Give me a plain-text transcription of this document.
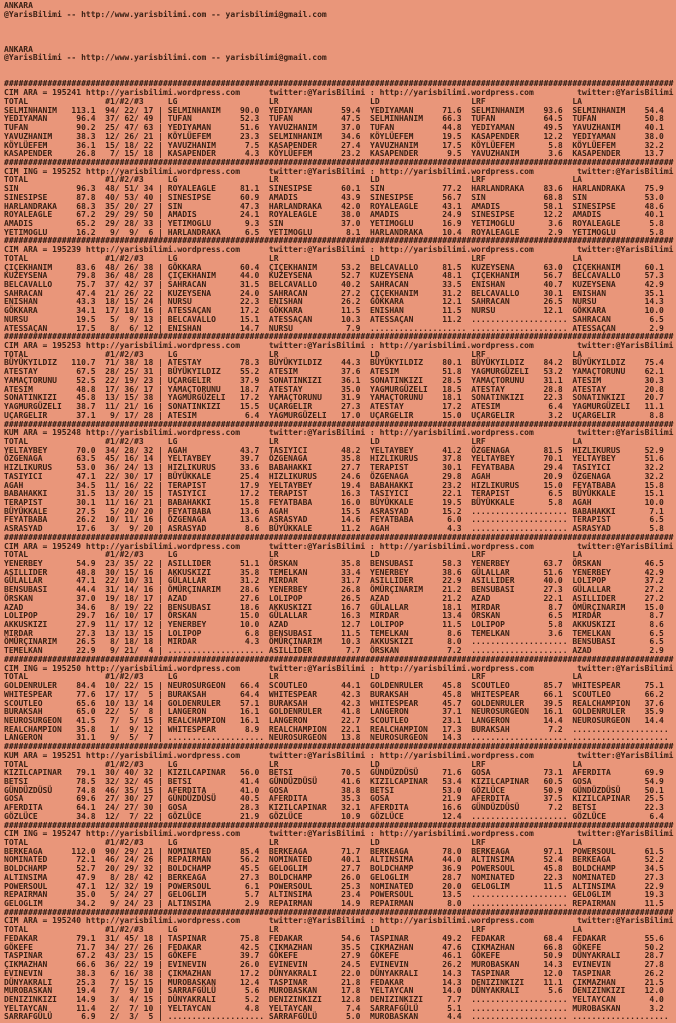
ANKARA
@YarisBilimi -- http://www.yarisbilimi.com -- yarisbilimi@gmail.com
ANKARA
@YarisBilimi -- http://www.yarisbilimi.com -- yarisbilimi@gmail.com
###########################################################################################################################################
CIM ARA = 195241 http://yarisbilimi.wordpress.com      twitter:@YarisBilimi : http://yarisbilimi.wordpress.com         twitter:@YarisBilimi
TOTAL                #1/#2/#3     LG                   LR                   LD                   LRF                  LA
SELMINHANIM   113.1  94/ 22/ 17 | SELMINHANIM    90.0  YEDIYAMAN      59.4  YEDIYAMAN      71.6  SELMINHANIM    93.6  SELMINHANIM    54.4
YEDIYAMAN      96.4  37/ 62/ 49 | TUFAN          52.3  TUFAN          47.5  SELMINHANIM    66.3  TUFAN          64.5  TUFAN          50.8
TUFAN          90.2  25/ 47/ 63 | YEDIYAMAN      51.6  YAVUZHANIM     37.0  TUFAN          44.8  YEDIYAMAN      49.5  YAVUZHANIM     40.1
YAVUZHANIM     38.3  12/ 26/ 21 | KÖYLÜEFEM      23.3  SELMINHANIM    34.6  KÖYLÜEFEM      19.5  KASAPENDER     12.2  YEDIYAMAN      38.0
KÖYLÜEFEM      36.1  15/ 18/ 22 | YAVUZHANIM      7.5  KASAPENDER     27.4  YAVUZHANIM     17.5  KÖYLÜEFEM       5.8  KÖYLÜEFEM      32.2
KASAPENDER     26.8   7/ 15/ 18 | KASAPENDER      4.3  KÖYLÜEFEM      23.2  KASAPENDER      9.5  YAVUZHANIM      3.6  KASAPENDER     13.7
###########################################################################################################################################
CIM ING = 195252 http://yarisbilimi.wordpress.com      twitter:@YarisBilimi : http://yarisbilimi.wordpress.com         twitter:@YarisBilimi
TOTAL                #1/#2/#3     LG                   LR                   LD                   LRF                  LA
SIN            96.3  48/ 51/ 34 | ROYALEAGLE     81.1  SINESIPSE      60.1  SIN            77.2  HARLANDRAKA    83.6  HARLANDRAKA    75.9
SINESIPSE      87.8  40/ 53/ 40 | SINESIPSE      60.9  AMADIS         43.9  SINESIPSE      56.7  SIN            68.8  SIN            53.0
HARLANDRAKA    68.3  35/ 20/ 27 | SIN            47.3  HARLANDRAKA    42.0  ROYALEAGLE     43.1  AMADIS         58.1  SINESIPSE      48.6
ROYALEAGLE     67.2  29/ 29/ 50 | AMADIS         24.1  ROYALEAGLE     38.0  AMADIS         24.9  SINESIPSE      12.2  AMADIS         40.1
AMADIS         65.2  29/ 28/ 33 | YETIMOGLU       9.3  SIN            37.0  YETIMOGLU      16.9  YETIMOGLU       3.6  ROYALEAGLE      5.8
YETIMOGLU      16.2   9/  9/  6 | HARLANDRAKA     6.5  YETIMOGLU       8.1  HARLANDRAKA    10.4  ROYALEAGLE      2.9  YETIMOGLU       5.8
###########################################################################################################################################
CIM ARA = 195239 http://yarisbilimi.wordpress.com      twitter:@YarisBilimi : http://yarisbilimi.wordpress.com         twitter:@YarisBilimi
TOTAL                #1/#2/#3     LG                   LR                   LD                   LRF                  LA
ÇIÇEKHANIM     83.6  48/ 26/ 38 | GÖKKARA        60.4  ÇIÇEKHANIM     53.2  BELCAVALLO     81.5  KUZEYSENA      63.0  ÇIÇEKHANIM     60.1
KUZEYSENA      79.8  36/ 48/ 28 | ÇIÇEKHANIM     44.0  KUZEYSENA      52.7  KUZEYSENA      48.1  ÇIÇEKHANIM     56.7  BELCAVALLO     57.3
BELCAVALLO     75.7  37/ 42/ 37 | SAHRACAN       31.5  BELCAVALLO     40.2  SAHRACAN       33.5  ENISHAN        40.7  KUZEYSENA      42.9
SAHRACAN       47.4  21/ 26/ 22 | KUZEYSENA      24.0  SAHRACAN       27.2  ÇIÇEKHANIM     31.2  BELCAVALLO     30.1  ENISHAN        35.1
ENISHAN        43.3  18/ 15/ 24 | NURSU          22.3  ENISHAN        26.2  GÖKKARA        12.1  SAHRACAN       26.5  NURSU          14.3
GÖKKARA        34.1  17/ 18/ 16 | ATESSAÇAN      17.2  GÖKKARA        11.5  ENISHAN        11.5  NURSU          12.1  GÖKKARA        10.0
NURSU          19.5   5/  9/ 13 | BELCAVALLO     15.1  ATESSAÇAN      10.3  ATESSAÇAN      11.2  .................... SAHRACAN        6.5
ATESSAÇAN      17.5   8/  6/ 12 | ENISHAN        14.7  NURSU           7.9  .................... .................... ATESSAÇAN       2.9
###########################################################################################################################################
CIM ARA = 195253 http://yarisbilimi.wordpress.com      twitter:@YarisBilimi : http://yarisbilimi.wordpress.com         twitter:@YarisBilimi
TOTAL                #1/#2/#3     LG                   LR                   LD                   LRF                  LA
BÜYÜKYILDIZ   110.7  71/ 38/ 18 | ATESTAY        78.3  BÜYÜKYILDIZ    44.3  BÜYÜKYILDIZ    80.1  BÜYÜKYILDIZ    84.2  BÜYÜKYILDIZ    75.4
ATESTAY        67.5  28/ 25/ 31 | BÜYÜKYILDIZ    55.2  ATESIM         37.6  ATESIM         51.8  YAGMURGÜZELI   53.2  YAMAÇTORUNU    62.1
YAMAÇTORUNU    52.5  22/ 19/ 23 | UÇARGELIR      37.9  SONATINKIZI    36.1  SONATINKIZI    28.5  YAMAÇTORUNU    31.1  ATESIM         30.3
ATESIM         48.8  17/ 36/ 17 | YAMAÇTORUNU    18.7  ATESTAY        35.0  YAGMURGÜZELI   18.5  ATESTAY        28.8  ATESTAY        20.8
SONATINKIZI    45.8  13/ 15/ 38 | YAGMURGÜZELI   17.2  YAMAÇTORUNU    31.9  YAMAÇTORUNU    18.1  SONATINKIZI    22.3  SONATINKIZI    20.7
YAGMURGÜZELI   38.7  11/ 21/ 16 | SONATINKIZI    15.5  UÇARGELIR      27.3  ATESTAY        17.2  ATESIM          6.4  YAGMURGÜZELI   11.1
UÇARGELIR      37.1   9/ 17/ 28 | ATESIM          6.4  YAGMURGÜZELI   17.0  UÇARGELIR      15.0  UÇARGELIR       3.2  UÇARGELIR       8.8
###########################################################################################################################################
KUM ARA = 195248 http://yarisbilimi.wordpress.com      twitter:@YarisBilimi : http://yarisbilimi.wordpress.com         twitter:@YarisBilimi
TOTAL                #1/#2/#3     LG                   LR                   LD                   LRF                  LA
YELTAYBEY      70.0  34/ 28/ 32 | AGAH           43.7  TASIYICI       48.2  YELTAYBEY      41.2  ÖZGENAGA       81.5  HIZLIKURUS     52.9
ÖZGENAGA       63.5  45/ 16/ 14 | YELTAYBEY      39.7  ÖZGENAGA       35.8  HIZLIKURUS     37.8  YELTAYBEY      70.1  YELTAYBEY      51.6
HIZLIKURUS     53.0  36/ 24/ 13 | HIZLIKURUS     33.6  BABAHAKKI      27.7  TERAPIST       30.1  FEYATBABA      29.4  TASIYICI       32.2
TASIYICI       47.1  22/ 30/ 17 | BÜYÜKKALE      25.4  HIZLIKURUS     24.6  ÖZGENAGA       29.8  AGAH           20.9  ÖZGENAGA       32.2
AGAH           34.5  11/ 16/ 22 | TERAPIST       17.9  YELTAYBEY      19.4  BABAHAKKI      23.2  HIZLIKURUS     15.0  FEYATBABA      15.8
BABAHAKKI      31.5  13/ 20/ 15 | TASIYICI       17.2  TERAPIST       16.3  TASIYICI       22.1  TERAPIST        6.5  BÜYÜKKALE      15.1
TERAPIST       30.1  11/ 16/ 21 | BABAHAKKI      15.8  FEYATBABA      16.0  BÜYÜKKALE      19.5  BÜYÜKKALE       5.8  AGAH           10.0
BÜYÜKKALE      27.5   5/ 20/ 20 | FEYATBABA      13.6  AGAH           15.5  ASRASYAD       15.2  .................... BABAHAKKI       7.1
FEYATBABA      26.2  10/ 11/ 16 | ÖZGENAGA       13.6  ASRASYAD       14.6  FEYATBABA       6.0  .................... TERAPIST        6.5
ASRASYAD       17.6   3/  9/ 20 | ASRASYAD        8.6  BÜYÜKKALE      11.2  AGAH            4.3  .................... ASRASYAD        5.8
###########################################################################################################################################
CIM ARA = 195249 http://yarisbilimi.wordpress.com      twitter:@YarisBilimi : http://yarisbilimi.wordpress.com         twitter:@YarisBilimi
TOTAL                #1/#2/#3     LG                   LR                   LD                   LRF                  LA
YENERBEY       54.9  23/ 35/ 22 | ASILLIDER      51.1  ÖRSKAN         35.8  BENSUBASI      58.3  YENERBEY       63.7  ÖRSKAN         46.5
ASILLIDER      48.8  30/ 15/ 16 | AKKUSKIZI      35.8  TEMELKAN       33.4  YENERBEY       38.6  GÜLALLAR       51.6  YENERBEY       42.9
GÜLALLAR       47.1  22/ 10/ 31 | GÜLALLAR       31.2  MIRDAR         31.7  ASILLIDER      22.9  ASILLIDER      40.0  LOLIPOP        37.2
BENSUBASI      44.4  31/ 14/ 16 | ÖMÜRÇINARIM    28.6  YENERBEY       26.8  ÖMÜRÇINARIM    21.2  BENSUBASI      27.3  GÜLALLAR       27.2
ÖRSKAN         37.0  19/ 18/ 17 | AZAD           27.6  LOLIPOP        26.5  AZAD           21.2  AZAD           22.1  ASILLIDER      27.2
AZAD           34.6   8/ 19/ 22 | BENSUBASI      18.6  AKKUSKIZI      16.7  GÜLALLAR       18.1  MIRDAR          8.7  ÖMÜRÇINARIM    15.0
LOLIPOP        29.7  16/ 10/ 17 | ÖRSKAN         15.0  GÜLALLAR       16.3  MIRDAR         13.4  ÖRSKAN          6.5  MIRDAR          8.7
AKKUSKIZI      27.9  11/ 17/ 12 | YENERBEY       10.0  AZAD           12.7  LOLIPOP        11.5  LOLIPOP         5.8  AKKUSKIZI       8.6
MIRDAR         27.3  13/ 13/ 15 | LOLIPOP         6.8  BENSUBASI      11.5  TEMELKAN        8.6  TEMELKAN        3.6  TEMELKAN        6.5
ÖMÜRÇINARIM    26.5   8/ 18/ 18 | MIRDAR          4.3  ÖMÜRÇINARIM    10.3  AKKUSKIZI       8.0  .................... BENSUBASI       6.5
TEMELKAN       22.9   9/ 21/  4 | .................... ASILLIDER       7.7  ÖRSKAN          7.2  .................... AZAD            2.9
###########################################################################################################################################
CIM ING = 195250 http://yarisbilimi.wordpress.com      twitter:@YarisBilimi : http://yarisbilimi.wordpress.com         twitter:@YarisBilimi
TOTAL                #1/#2/#3     LG                   LR                   LD                   LRF                  LA
GOLDENRULER    84.4  10/ 22/ 15 | NEUROSURGEON   66.4  SCOUTLEO       44.1  GOLDENRULER    45.8  SCOUTLEO       85.7  WHITESPEAR     75.1
WHITESPEAR     77.6  17/ 17/  5 | BURAKSAH       64.4  WHITESPEAR     42.3  BURAKSAH       45.8  WHITESPEAR     66.1  SCOUTLEO       66.2
SCOUTLEO       65.6  10/ 13/ 14 | GOLDENRULER    57.1  BURAKSAH       42.3  WHITESPEAR     45.7  GOLDENRULER    39.5  REALCHAMPION   37.6
BURAKSAH       65.0  22/  5/  8 | LANGERON       16.1  GOLDENRULER    41.8  LANGERON       37.1  NEUROSURGEON   16.1  GOLDENRULER    35.9
NEUROSURGEON   41.5   7/  5/ 15 | REALCHAMPION   16.1  LANGERON       22.7  SCOUTLEO       23.1  LANGERON       14.4  NEUROSURGEON   14.4
REALCHAMPION   35.8   1/  9/ 12 | WHITESPEAR      8.9  REALCHAMPION   22.1  REALCHAMPION   17.3  BURAKSAH        7.2  ....................
LANGERON       31.1   9/  5/  7 | .................... NEUROSURGEON   13.8  NEUROSURGEON   14.3  .................... ....................
###########################################################################################################################################
KUM ARA = 195251 http://yarisbilimi.wordpress.com      twitter:@YarisBilimi : http://yarisbilimi.wordpress.com         twitter:@YarisBilimi
TOTAL                #1/#2/#3     LG                   LR                   LD                   LRF                  LA
KIZILCAPINAR   79.1  30/ 40/ 32 | KIZILCAPINAR   56.0  BETSI          70.5  GÜNDÜZDÜSÜ     71.6  GOSA           73.1  AFERDITA       69.9
BETSI          78.5  32/ 32/ 45 | BETSI          41.4  GÜNDÜZDÜSÜ     41.6  KIZILCAPINAR   53.4  KIZILCAPINAR   60.5  GOSA           54.9
GÜNDÜZDÜSÜ     74.8  46/ 35/ 15 | AFERDITA       41.0  GOSA           38.8  BETSI          53.0  GÖZLÜCE        50.9  GÜNDÜZDÜSÜ     50.1
GOSA           69.6  27/ 30/ 27 | GÜNDÜZDÜSÜ     40.5  AFERDITA       35.3  GOSA           21.9  AFERDITA       37.5  KIZILCAPINAR   25.5
AFERDITA       64.1  24/ 27/ 30 | GOSA           28.3  KIZILCAPINAR   32.1  AFERDITA       16.6  GÜNDÜZDÜSÜ      7.2  BETSI          22.3
GÖZLÜCE        34.8  12/  7/ 22 | GÖZLÜCE        21.9  GÖZLÜCE        10.9  GÖZLÜCE        12.4  .................... GÖZLÜCE         6.4
###########################################################################################################################################
CIM ING = 195247 http://yarisbilimi.wordpress.com      twitter:@YarisBilimi : http://yarisbilimi.wordpress.com         twitter:@YarisBilimi
TOTAL                #1/#2/#3     LG                   LR                   LD                   LRF                  LA
BERKEAGA      112.0  90/ 29/ 21 | NOMINATED      85.4  BERKEAGA       71.7  BERKEAGA       78.0  BERKEAGA       97.1  POWERSOUL      61.5
NOMINATED      72.1  46/ 24/ 26 | REPAIRMAN      56.2  NOMINATED      40.1  ALTINSIMA      44.0  ALTINSIMA      52.4  BERKEAGA       52.2
BOLDCHAMP      52.7  20/ 29/ 32 | BOLDCHAMP      45.5  GELOGLIM       27.7  BOLDCHAMP      36.9  POWERSOUL      45.8  BOLDCHAMP      34.5
ALTINSIMA      47.9   8/ 28/ 42 | BERKEAGA       27.3  BOLDCHAMP      26.0  GELOGLIM       28.7  NOMINATED      22.3  NOMINATED      27.3
POWERSOUL      47.1  12/ 32/ 19 | POWERSOUL       6.1  POWERSOUL      25.3  NOMINATED      20.0  GELOGLIM       11.5  ALTINSIMA      22.9
REPAIRMAN      35.0   5/ 24/ 27 | GELOGLIM        5.7  ALTINSIMA      23.4  POWERSOUL      13.5  .................... GELOGLIM       19.3
GELOGLIM       34.2   9/ 24/ 23 | ALTINSIMA       2.9  REPAIRMAN      14.9  REPAIRMAN       8.0  .................... REPAIRMAN      11.5
###########################################################################################################################################
CIM ARA = 195240 http://yarisbilimi.wordpress.com      twitter:@YarisBilimi : http://yarisbilimi.wordpress.com         twitter:@YarisBilimi
TOTAL                #1/#2/#3     LG                   LR                   LD                   LRF                  LA
FEDAKAR        79.1  31/ 45/ 18 | TASPINAR       75.8  FEDAKAR        54.6  TASPINAR       49.2  FEDAKAR        68.4  FEDAKAR        55.6
GÖKEFE         71.7  34/ 27/ 26 | FEDAKAR        42.5  ÇIKMAZHAN      35.5  ÇIKMAZHAN      47.6  ÇIKMAZHAN      66.8  GÖKEFE         50.2
TASPINAR       67.2  43/ 23/ 15 | GÖKEFE         39.7  GÖKEFE         27.9  GÖKEFE         46.1  GÖKEFE         50.9  DÜNYAKRALI     28.7
ÇIKMAZHAN      66.6  36/ 22/ 19 | EVINEVIN       26.0  EVINEVIN       24.5  EVINEVIN       26.2  MUROBASKAN     14.3  EVINEVIN       27.8
EVINEVIN       38.3   6/ 16/ 38 | ÇIKMAZHAN      17.2  DÜNYAKRALI     22.0  DÜNYAKRALI     14.3  TASPINAR       12.0  TASPINAR       26.2
DÜNYAKRALI     25.3   7/ 15/ 15 | MUROBASKAN     12.4  TASPINAR       21.8  FEDAKAR        14.3  DENIZINKIZI    11.1  ÇIKMAZHAN      21.5
MUROBASKAN     19.4   7/  9/ 10 | SARRAFGÜLÜ      5.6  MUROBASKAN     17.8  YELTAYCAN      14.0  DÜNYAKRALI      5.6  DENIZINKIZI    12.0
DENIZINKIZI    14.9   3/  4/ 15 | DÜNYAKRALI      5.2  DENIZINKIZI    12.8  DENIZINKIZI     7.7  .................... YELTAYCAN       4.0
YELTAYCAN      11.4   2/  7/ 10 | YELTAYCAN       4.8  YELTAYCAN       7.4  SARRAFGÜLÜ      5.1  .................... MUROBASKAN      3.2
SARRAFGÜLÜ      6.9   2/  3/  5 | .................... SARRAFGÜLÜ      5.0  MUROBASKAN      4.4  .................... ....................
